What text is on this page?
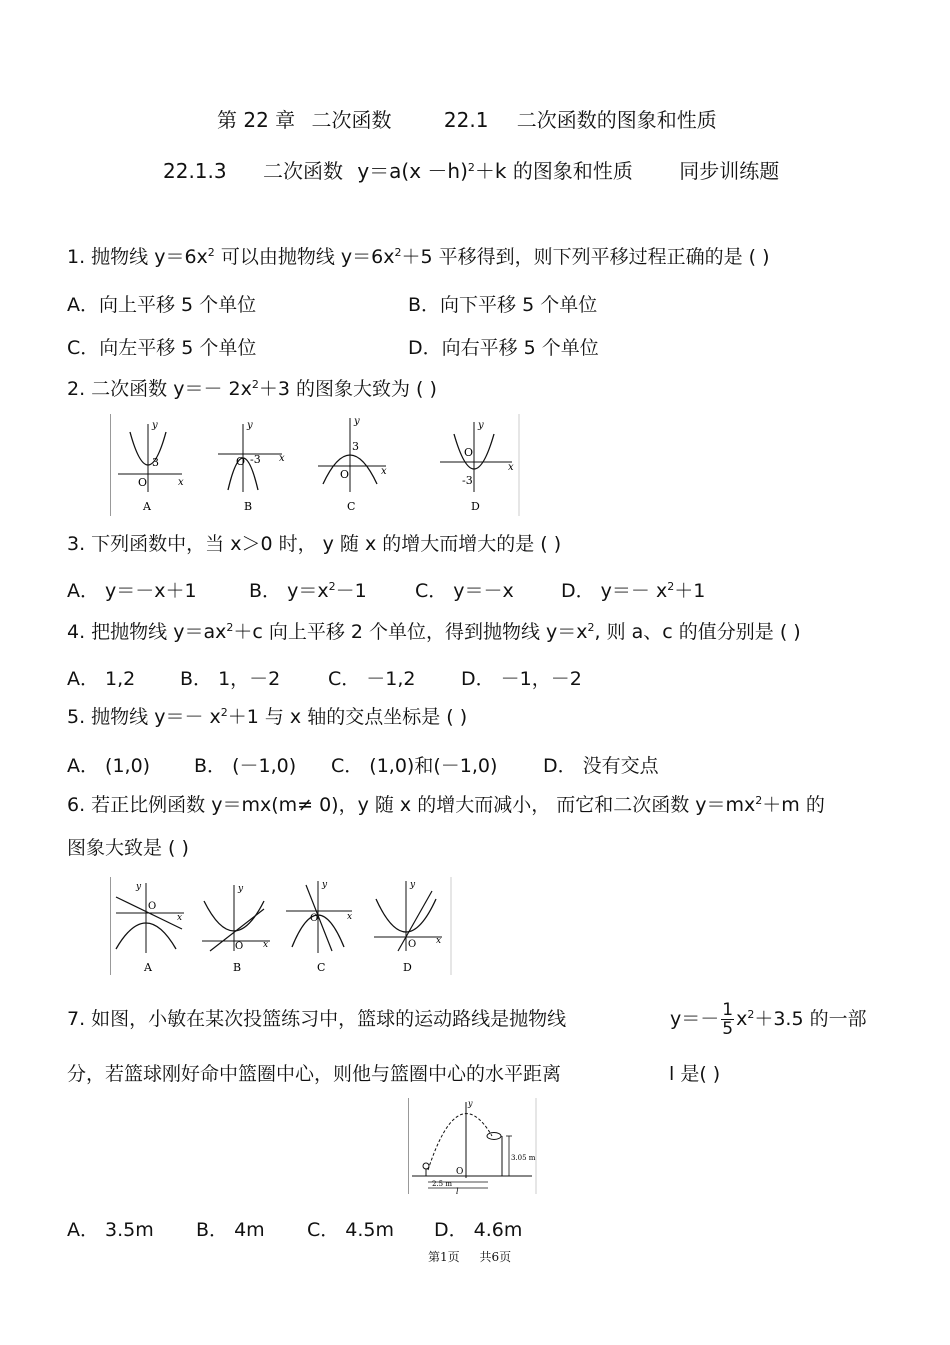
第 22 章 二次函数	22.1 二次函数的图象和性质
22.1.3 二次函数 $y=a(x -h)^2+k$ 的图象和性质 同步训练题
1. 抛物线 $y=6x^2$ 可以由抛物线 $y=6x^2+5$ 平移得到，则下列平移过程正确的是 ( )
A．向上平移 5 个单位	B．向下平移 5 个单位
C．向左平移 5 个单位	D．向右平移 5 个单位
2. 二次函数 $y=- 2x^2+3$ 的图象大致为 ( )
y
x
O
3
A
y
x
O -3
B
y
x
O
3
C
y
x
O
-3
D
3. 下列函数中，当 x＞0 时， y 随 x 的增大而增大的是 ( )
A． y＝－x＋1	B． $y=x^2-1$	C． y＝－x D． $y=- x^2+1$
4. 把抛物线 $y=ax^2+c$ 向上平移 2 个单位，得到抛物线 $y=x^2$, 则 a、c 的值分别是 ( )
A． 1,2 B． 1，－2	C． －1,2 D． －1，－2
5. 抛物线 $y=- x^2+1$ 与 x 轴的交点坐标是 ( )
A． (1,0) B． (－1,0) C． (1,0)和(－1,0) D． 没有交点
6. 若正比例函数 y＝mx(m≠ 0)，y 随 x 的增大而减小， 而它和二次函数 $y=mx^2+m$ 的
图象大致是 ( )
y
x
O
A
y
x
O
B
y
x
O
C
y
x
O
D
7. 如图，小敏在某次投篮练习中，篮球的运动路线是抛物线	$y=- \frac{1}{5} x^2+3.5$ 的一部
分，若篮球刚好命中篮圈中心，则他与篮圈中心的水平距离	l 是( )
y
O
3.05 m
2.5 m
l
A． 3.5m B． 4m C． 4.5m D． 4.6m
第1页 共6页
